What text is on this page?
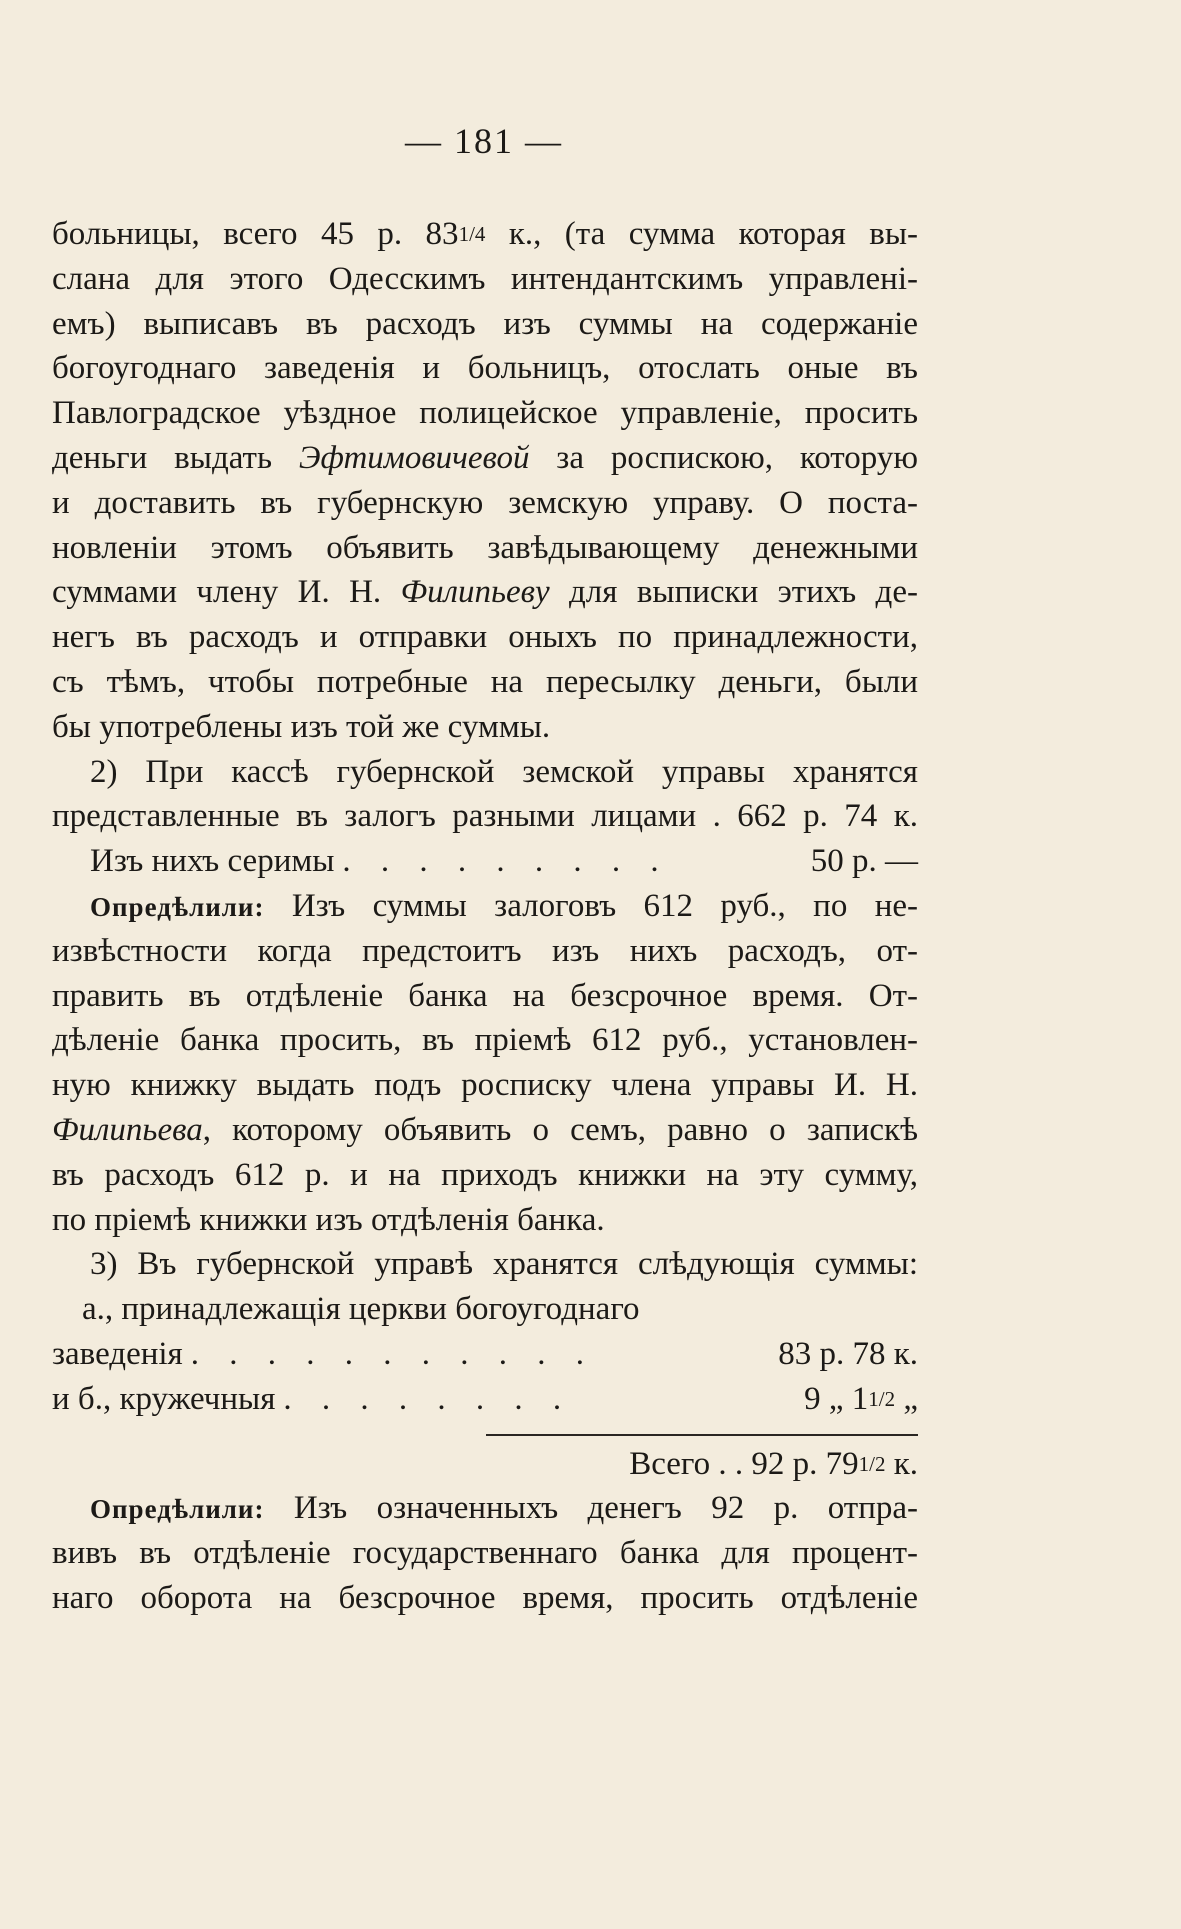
— 181 —
больницы, всего 45 р. 831/4 к., (та сумма которая вы-
слана для этого Одесскимъ интендантскимъ управлені-
емъ) выписавъ въ расходъ изъ суммы на содержаніе
богоугоднаго заведенія и больницъ, отослать оные въ
Павлоградское уѣздное полицейское управленіе, просить
деньги выдать Эфтимовичевой за роспискою, которую
и доставить въ губернскую земскую управу. О поста-
новленіи этомъ объявить завѣдывающему денежными
суммами члену И. Н. Филипьеву для выписки этихъ де-
негъ въ расходъ и отправки оныхъ по принадлежности,
съ тѣмъ, чтобы потребные на пересылку деньги, были
бы употреблены изъ той же суммы.
2) При кассѣ губернской земской управы хранятся
представленные въ залогъ разными лицами . 662 р. 74 к.
Изъ нихъ серимы . . . . . . . . .	50 р. —
Опредѣлили: Изъ суммы залоговъ 612 руб., по не-
извѣстности когда предстоитъ изъ нихъ расходъ, от-
править въ отдѣленіе банка на безсрочное время. От-
дѣленіе банка просить, въ пріемѣ 612 руб., установлен-
ную книжку выдать подъ росписку члена управы И. Н.
Филипьева, которому объявить о семъ, равно о запискѣ
въ расходъ 612 р. и на приходъ книжки на эту сумму,
по пріемѣ книжки изъ отдѣленія банка.
3) Въ губернской управѣ хранятся слѣдующія суммы:
а., принадлежащія церкви богоугоднаго
заведенія . . . . . . . . . . .	83 р. 78 к.
и б., кружечныя . . . . . . . .	9 „ 11/2 „
Всего . . 92 р. 791/2 к.
Опредѣлили: Изъ означенныхъ денегъ 92 р. отпра-
вивъ въ отдѣленіе государственнаго банка для процент-
наго оборота на безсрочное время, просить отдѣленіе
